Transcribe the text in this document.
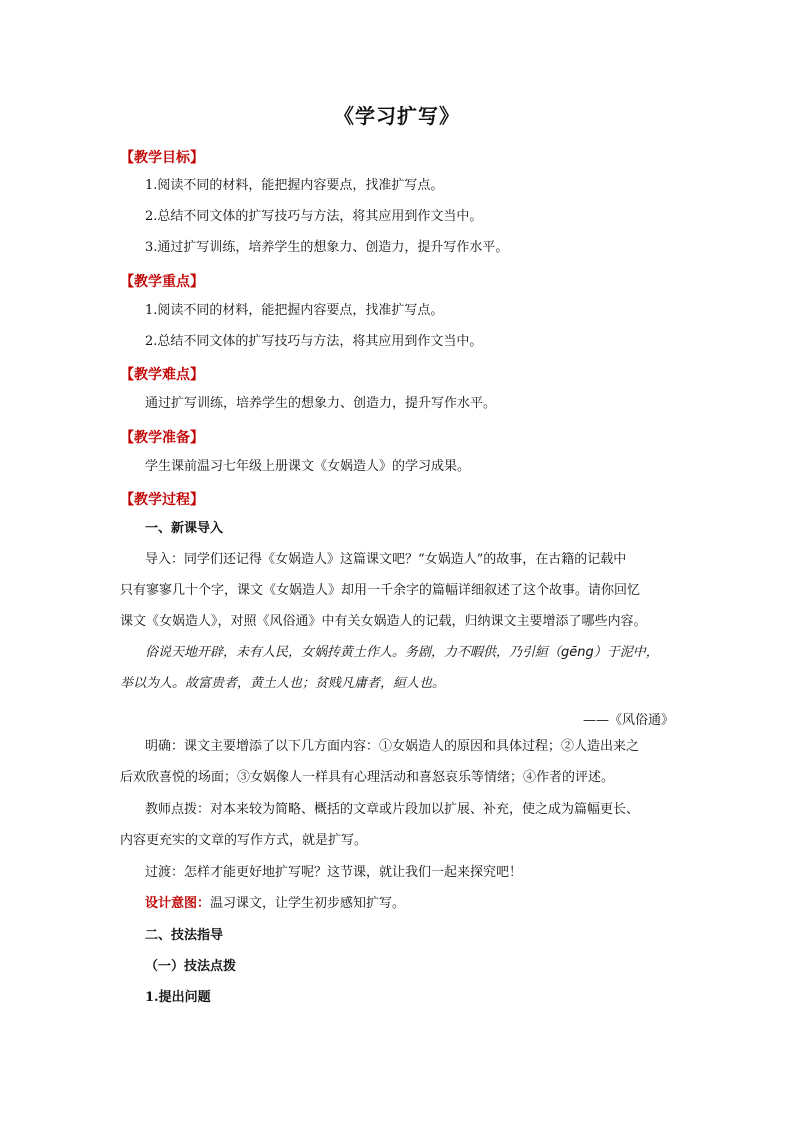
《学习扩写》
【教学目标】
1.阅读不同的材料，能把握内容要点，找准扩写点。
2.总结不同文体的扩写技巧与方法，将其应用到作文当中。
3.通过扩写训练，培养学生的想象力、创造力，提升写作水平。
【教学重点】
1.阅读不同的材料，能把握内容要点，找准扩写点。
2.总结不同文体的扩写技巧与方法，将其应用到作文当中。
【教学难点】
通过扩写训练，培养学生的想象力、创造力，提升写作水平。
【教学准备】
学生课前温习七年级上册课文《女娲造人》的学习成果。
【教学过程】
一、新课导入
导入：同学们还记得《女娲造人》这篇课文吧？“女娲造人”的故事，在古籍的记载中
只有寥寥几十个字，课文《女娲造人》却用一千余字的篇幅详细叙述了这个故事。请你回忆
课文《女娲造人》，对照《风俗通》中有关女娲造人的记载，归纳课文主要增添了哪些内容。
俗说天地开辟，未有人民，女娲抟黄土作人。务剧，力不暇供，乃引絙（gēng）于泥中，
举以为人。故富贵者，黄土人也；贫贱凡庸者，絙人也。
——《风俗通》
明确：课文主要增添了以下几方面内容：①女娲造人的原因和具体过程；②人造出来之
后欢欣喜悦的场面；③女娲像人一样具有心理活动和喜怒哀乐等情绪；④作者的评述。
教师点拨：对本来较为简略、概括的文章或片段加以扩展、补充，使之成为篇幅更长、
内容更充实的文章的写作方式，就是扩写。
过渡：怎样才能更好地扩写呢？这节课，就让我们一起来探究吧！
设计意图：温习课文，让学生初步感知扩写。
二、技法指导
（一）技法点拨
1.提出问题
